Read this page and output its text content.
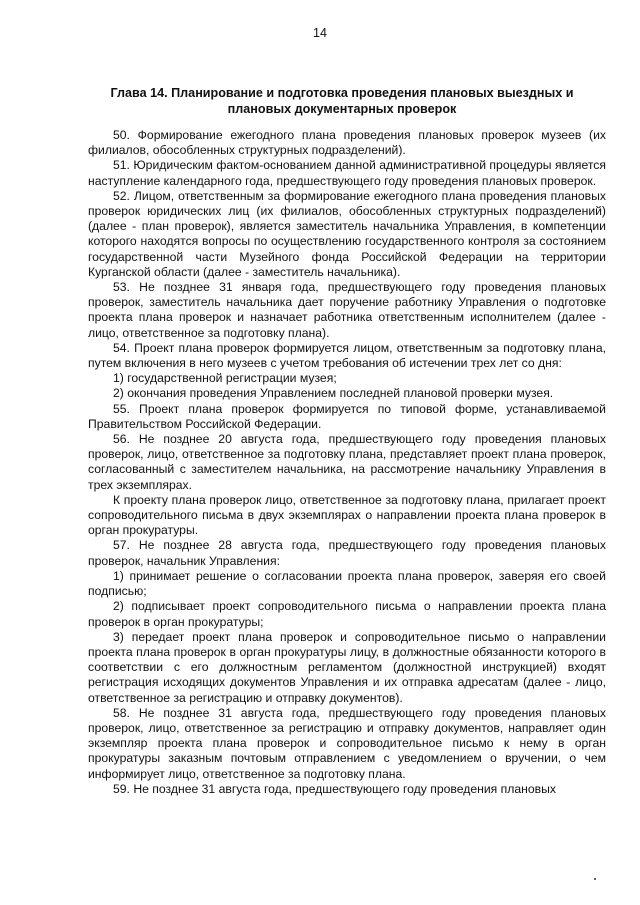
14
Глава 14. Планирование и подготовка проведения плановых выездных и плановых документарных проверок

50. Формирование ежегодного плана проведения плановых проверок музеев (их филиалов, обособленных структурных подразделений).

51. Юридическим фактом-основанием данной административной процедуры является наступление календарного года, предшествующего году проведения плановых проверок.

52. Лицом, ответственным за формирование ежегодного плана проведения плановых проверок юридических лиц (их филиалов, обособленных структурных подразделений) (далее - план проверок), является заместитель начальника Управления, в компетенции которого находятся вопросы по осуществлению государственного контроля за состоянием государственной части Музейного фонда Российской Федерации на территории Курганской области (далее - заместитель начальника).

53. Не позднее 31 января года, предшествующего году проведения плановых проверок, заместитель начальника дает поручение работнику Управления о подготовке проекта плана проверок и назначает работника ответственным исполнителем (далее - лицо, ответственное за подготовку плана).

54. Проект плана проверок формируется лицом, ответственным за подготовку плана, путем включения в него музеев с учетом требования об истечении трех лет со дня:

1) государственной регистрации музея;

2) окончания проведения Управлением последней плановой проверки музея.

55. Проект плана проверок формируется по типовой форме, устанавливаемой Правительством Российской Федерации.

56. Не позднее 20 августа года, предшествующего году проведения плановых проверок, лицо, ответственное за подготовку плана, представляет проект плана проверок, согласованный с заместителем начальника, на рассмотрение начальнику Управления в трех экземплярах.

К проекту плана проверок лицо, ответственное за подготовку плана, прилагает проект сопроводительного письма в двух экземплярах о направлении проекта плана проверок в орган прокуратуры.

57. Не позднее 28 августа года, предшествующего году проведения плановых проверок, начальник Управления:

1) принимает решение о согласовании проекта плана проверок, заверяя его своей подписью;

2) подписывает проект сопроводительного письма о направлении проекта плана проверок в орган прокуратуры;

3) передает проект плана проверок и сопроводительное письмо о направлении проекта плана проверок в орган прокуратуры лицу, в должностные обязанности которого в соответствии с его должностным регламентом (должностной инструкцией) входят регистрация исходящих документов Управления и их отправка адресатам (далее - лицо, ответственное за регистрацию и отправку документов).

58. Не позднее 31 августа года, предшествующего году проведения плановых проверок, лицо, ответственное за регистрацию и отправку документов, направляет один экземпляр проекта плана проверок и сопроводительное письмо к нему в орган прокуратуры заказным почтовым отправлением с уведомлением о вручении, о чем информирует лицо, ответственное за подготовку плана.

59. Не позднее 31 августа года, предшествующего году проведения плановых
